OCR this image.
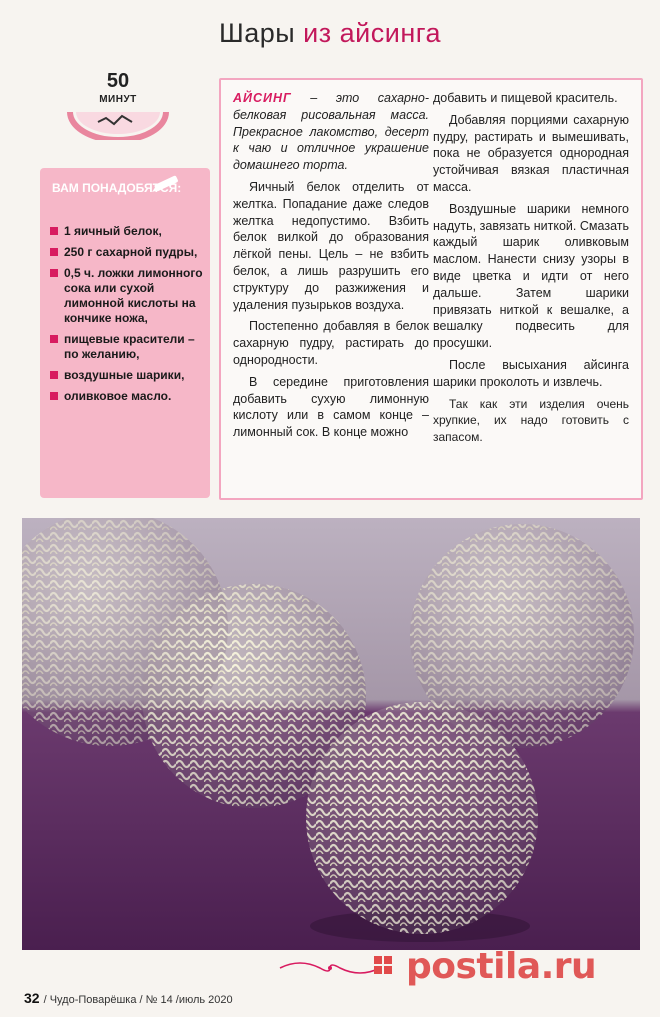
Шары из айсинга
50
МИНУТ
ВАМ ПОНАДОБЯТСЯ:
1 яичный белок,
250 г сахарной пудры,
0,5 ч. ложки лимонного сока или сухой лимонной кислоты на кончике ножа,
пищевые красители – по желанию,
воздушные шарики,
оливковое масло.

АЙСИНГ – это сахарно-белковая рисовальная масса. Прекрасное лакомство, десерт к чаю и отличное украшение домашнего торта.

Яичный белок отделить от желтка. Попадание даже следов желтка недопустимо. Взбить белок вилкой до образования лёгкой пены. Цель – не взбить белок, а лишь разрушить его структуру до разжижения и удаления пузырьков воздуха.

Постепенно добавляя в белок сахарную пудру, растирать до однородности.

В середине приготовления добавить сухую лимонную кислоту или в самом конце – лимонный сок. В конце можно

добавить и пищевой краситель.

Добавляя порциями сахарную пудру, растирать и вымешивать, пока не образуется однородная устойчивая вязкая пластичная масса.

Воздушные шарики немного надуть, завязать ниткой. Смазать каждый шарик оливковым маслом. Нанести снизу узоры в виде цветка и идти от него дальше. Затем шарики привязать ниткой к вешалке, а вешалку подвесить для просушки.

После высыхания айсинга шарики проколоть и извлечь.

Так как эти изделия очень хрупкие, их надо готовить с запасом.

postila.ru
32 / Чудо-Поварёшка / № 14 /июль 2020
